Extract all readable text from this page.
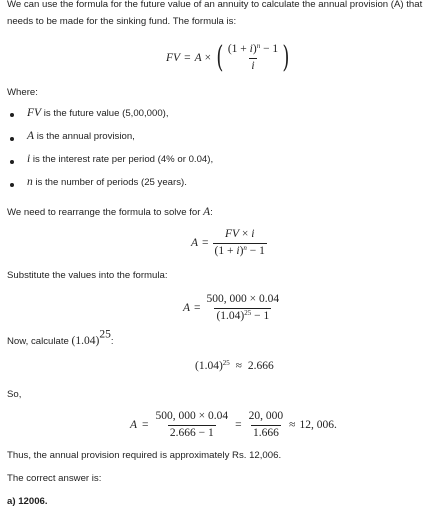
We can use the formula for the future value of an annuity to calculate the annual provision (A) that
needs to be made for the sinking fund. The formula is:
FV = A × ( $\frac{(1 + i)^n - 1}{i}$ )
Where:
FV is the future value (5,00,000),
A is the annual provision,
i is the interest rate per period (4% or 0.04),
n is the number of periods (25 years).
We need to rearrange the formula to solve for A:
$A = \frac{FV \times i}{(1 + i)^n - 1}$
Substitute the values into the formula:
$A = \frac{500, 000 \times 0.04}{(1.04)^{25} - 1}$
Now, calculate $(1.04)^{25}$:
$(1.04)^{25} \approx 2.666$
So,
$A = \frac{500, 000 \times 0.04}{2.666 - 1} = \frac{20, 000}{1.666} \approx 12$, 006.
Thus, the annual provision required is approximately Rs. 12,006.
The correct answer is:
a) 12006.
